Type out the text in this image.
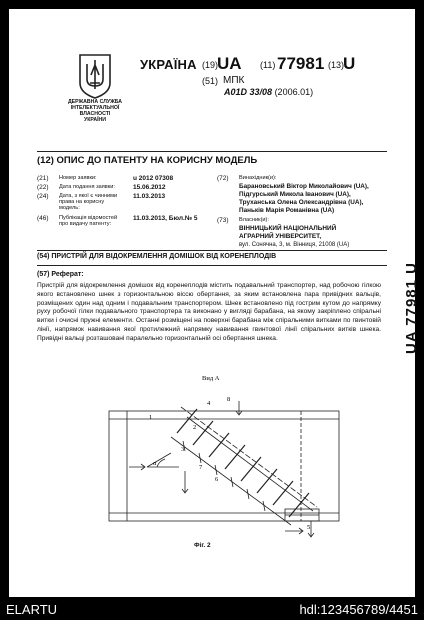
ДЕРЖАВНА СЛУЖБА
ІНТЕЛЕКТУАЛЬНОЇ
ВЛАСНОСТІ
УКРАЇНИ
УКРАЇНА (19)
UA (11) 77981 (13)
U
(51) МПК
A01D 33/08 (2006.01)
(12) ОПИС ДО ПАТЕНТУ НА КОРИСНУ МОДЕЛЬ
(21) Номер заявки:	u 2012 07308
(22) Дата подання заявки:	15.06.2012
(24) Дата, з якої є чинними права на корисну модель:
11.03.2013
(46) Публікація відомостей про видачу патенту:
11.03.2013, Бюл.№ 5
(72) Винахідник(и):
Барановський Віктор Миколайович (UA),
Підгурський Микола Іванович (UA),
Труханська Олена Олександрівна (UA),
Паньків Марія Романівна (UA)
(73) Власник(и):
ВІННИЦЬКИЙ НАЦІОНАЛЬНИЙ
АГРАРНИЙ УНІВЕРСИТЕТ,
вул. Сонячна, 3, м. Вінниця, 21008 (UA)
(54) ПРИСТРІЙ ДЛЯ ВІДОКРЕМЛЕННЯ ДОМІШОК ВІД КОРЕНЕПЛОДІВ
(57) Реферат:
Пристрій для відокремлення домішок від коренеплодів містить подавальний транспортер, над робочою гілкою якого встановлено шнек з горизонтальною віссю обертання, за яким встановлена пара привідних вальців, розміщених один над одним і подавальним транспортером. Шнек встановлено під гострим кутом до напрямку руху робочої гілки подавального транспортера та виконано у вигляді барабана, на якому закріплено спіральні витки і очисні пружні елементи. Останні розміщені на поверхні барабана між спіральними витками по гвинтовій лінії, напрямок навивання якої протилежний напрямку навивання гвинтової лінії спіральних витків шнека. Привідні вальці розташовані паралельно горизонтальній осі обертання шнека.	UA 77981 U
Вид А
α
1
2
3
4
5
6
7
8
Фіг. 2
ELARTU	hdl:123456789/4451
